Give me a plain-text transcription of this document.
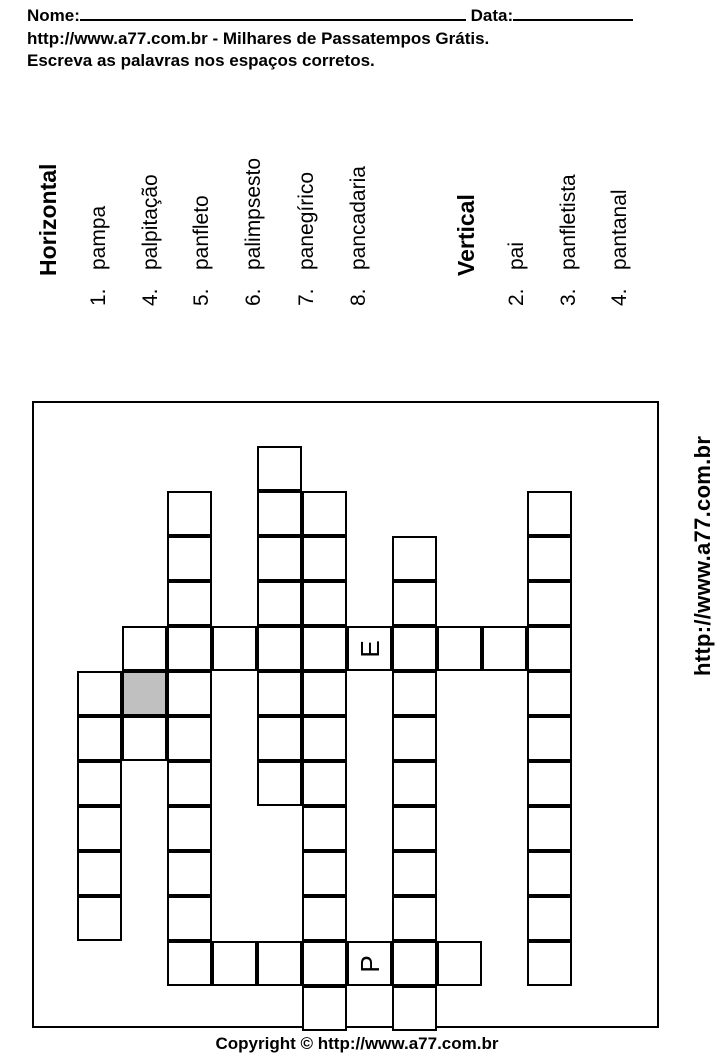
Nome:	Data:
http://www.a77.com.br - Milhares de Passatempos Grátis.
Escreva as palavras nos espaços corretos.
Horizontal
1.pampa
4.palpitação
5.panfleto
6.palimpsesto
7.panegírico
8.pancadaria	Vertical
2.pai
3.panfletista
4.pantanal
E
P
http://www.a77.com.br
Copyright © http://www.a77.com.br
